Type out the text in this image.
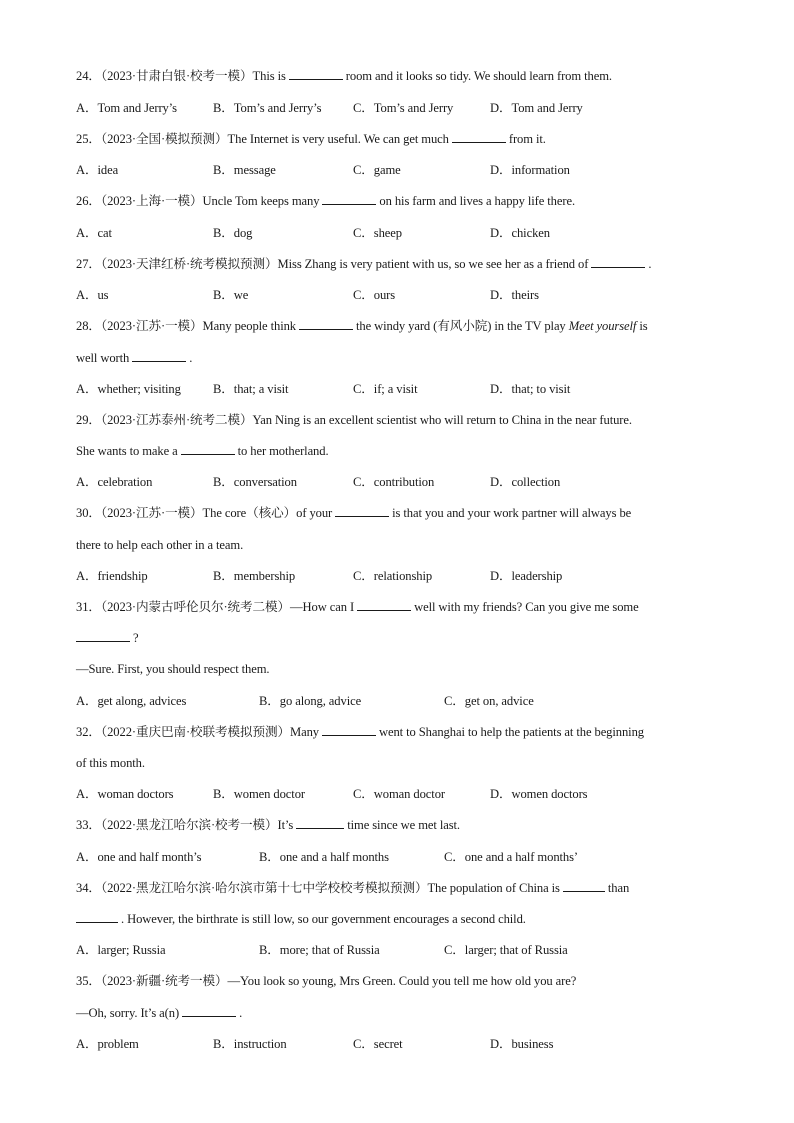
24．（2023·甘肃白银·校考一模）This is	room and it looks so tidy. We should learn from them.
A．Tom and Jerry’s	B．Tom’s and Jerry’s	C．Tom’s and Jerry	D．Tom and Jerry
25．（2023·全国·模拟预测）The Internet is very useful. We can get much	from it.
A．idea	B．message	C．game	D．information
26．（2023·上海·一模）Uncle Tom keeps many	on his farm and lives a happy life there.
A．cat	B．dog	C．sheep	D．chicken
27．（2023·天津红桥·统考模拟预测）Miss Zhang is very patient with us, so we see her as a friend of	.
A．us	B．we	C．ours	D．theirs
28．（2023·江苏·一模）Many people think	the windy yard (有风小院) in the TV play Meet yourself is
well worth	.
A．whether; visiting	B．that; a visit	C．if; a visit	D．that; to visit
29．（2023·江苏泰州·统考二模）Yan Ning is an excellent scientist who will return to China in the near future.
She wants to make a	to her motherland.
A．celebration	B．conversation	C．contribution	D．collection
30．（2023·江苏·一模）The core（核心）of your	is that you and your work partner will always be
there to help each other in a team.
A．friendship	B．membership	C．relationship	D．leadership
31．（2023·内蒙古呼伦贝尔·统考二模）—How can I	well with my friends? Can you give me some
?
—Sure. First, you should respect them.
A．get along, advices	B．go along, advice	C．get on, advice
32．（2022·重庆巴南·校联考模拟预测）Many	went to Shanghai to help the patients at the beginning
of this month.
A．woman doctors	B．women doctor	C．woman doctor	D．women doctors
33．（2022·黑龙江哈尔滨·校考一模）It’s	time since we met last.
A．one and half month’s	B．one and a half months	C．one and a half months’
34．（2022·黑龙江哈尔滨·哈尔滨市第十七中学校校考模拟预测）The population of China is	than
. However, the birthrate is still low, so our government encourages a second child.
A．larger; Russia	B．more; that of Russia	C．larger; that of Russia
35．（2023·新疆·统考一模）—You look so young, Mrs Green. Could you tell me how old you are?
—Oh, sorry. It’s a(n)	.
A．problem	B．instruction	C．secret	D．business
